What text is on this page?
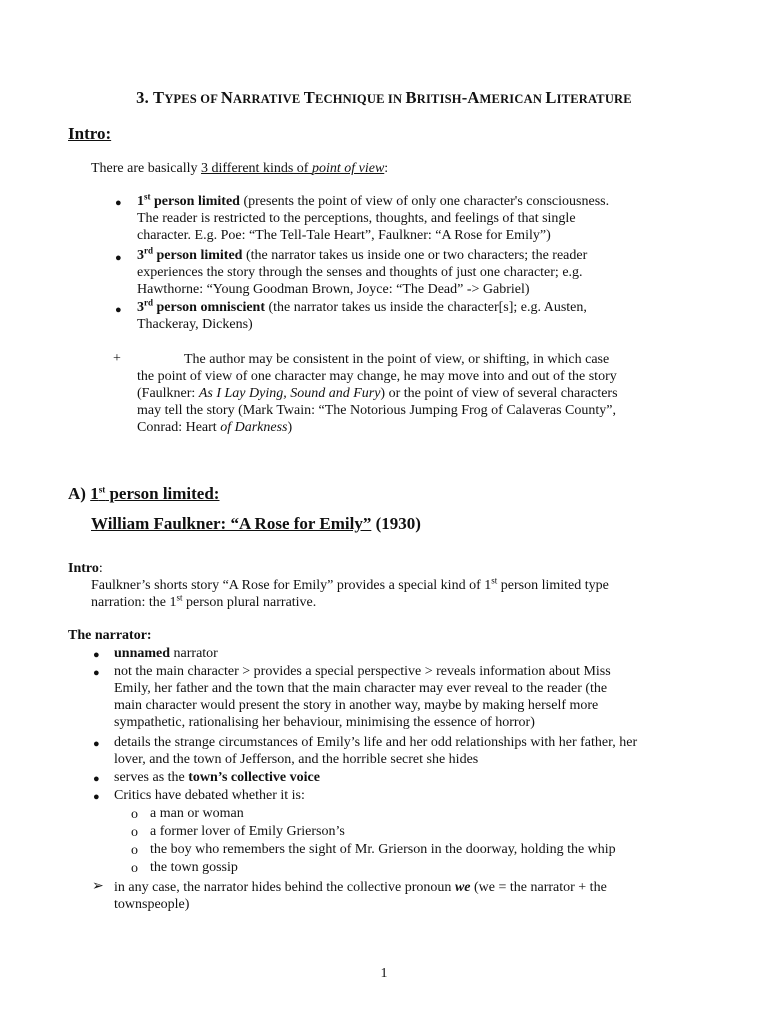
3. TYPES OF NARRATIVE TECHNIQUE IN BRITISH-AMERICAN LITERATURE
Intro:
There are basically 3 different kinds of point of view:
● 1st person limited (presents the point of view of only one character's consciousness.
The reader is restricted to the perceptions, thoughts, and feelings of that single
character. E.g. Poe: “The Tell-Tale Heart”, Faulkner: “A Rose for Emily”)
● 3rd person limited (the narrator takes us inside one or two characters; the reader
experiences the story through the senses and thoughts of just one character; e.g.
Hawthorne: “Young Goodman Brown, Joyce: “The Dead” -> Gabriel)
● 3rd person omniscient (the narrator takes us inside the character[s]; e.g. Austen,
Thackeray, Dickens)
+	The author may be consistent in the point of view, or shifting, in which case
the point of view of one character may change, he may move into and out of the story
(Faulkner: As I Lay Dying, Sound and Fury) or the point of view of several characters
may tell the story (Mark Twain: “The Notorious Jumping Frog of Calaveras County”,
Conrad: Heart of Darkness)
A) 1st person limited:
William Faulkner: “A Rose for Emily” (1930)
Intro:
Faulkner’s shorts story “A Rose for Emily” provides a special kind of 1st person limited type
narration: the 1st person plural narrative.
The narrator:
● unnamed narrator
● not the main character > provides a special perspective > reveals information about Miss
Emily, her father and the town that the main character may ever reveal to the reader (the
main character would present the story in another way, maybe by making herself more
sympathetic, rationalising her behaviour, minimising the essence of horror)
● details the strange circumstances of Emily’s life and her odd relationships with her father, her
lover, and the town of Jefferson, and the horrible secret she hides
● serves as the town’s collective voice
● Critics have debated whether it is:
o a man or woman
o a former lover of Emily Grierson’s
o the boy who remembers the sight of Mr. Grierson in the doorway, holding the whip
o the town gossip
➢ in any case, the narrator hides behind the collective pronoun we (we = the narrator + the
townspeople)
1
